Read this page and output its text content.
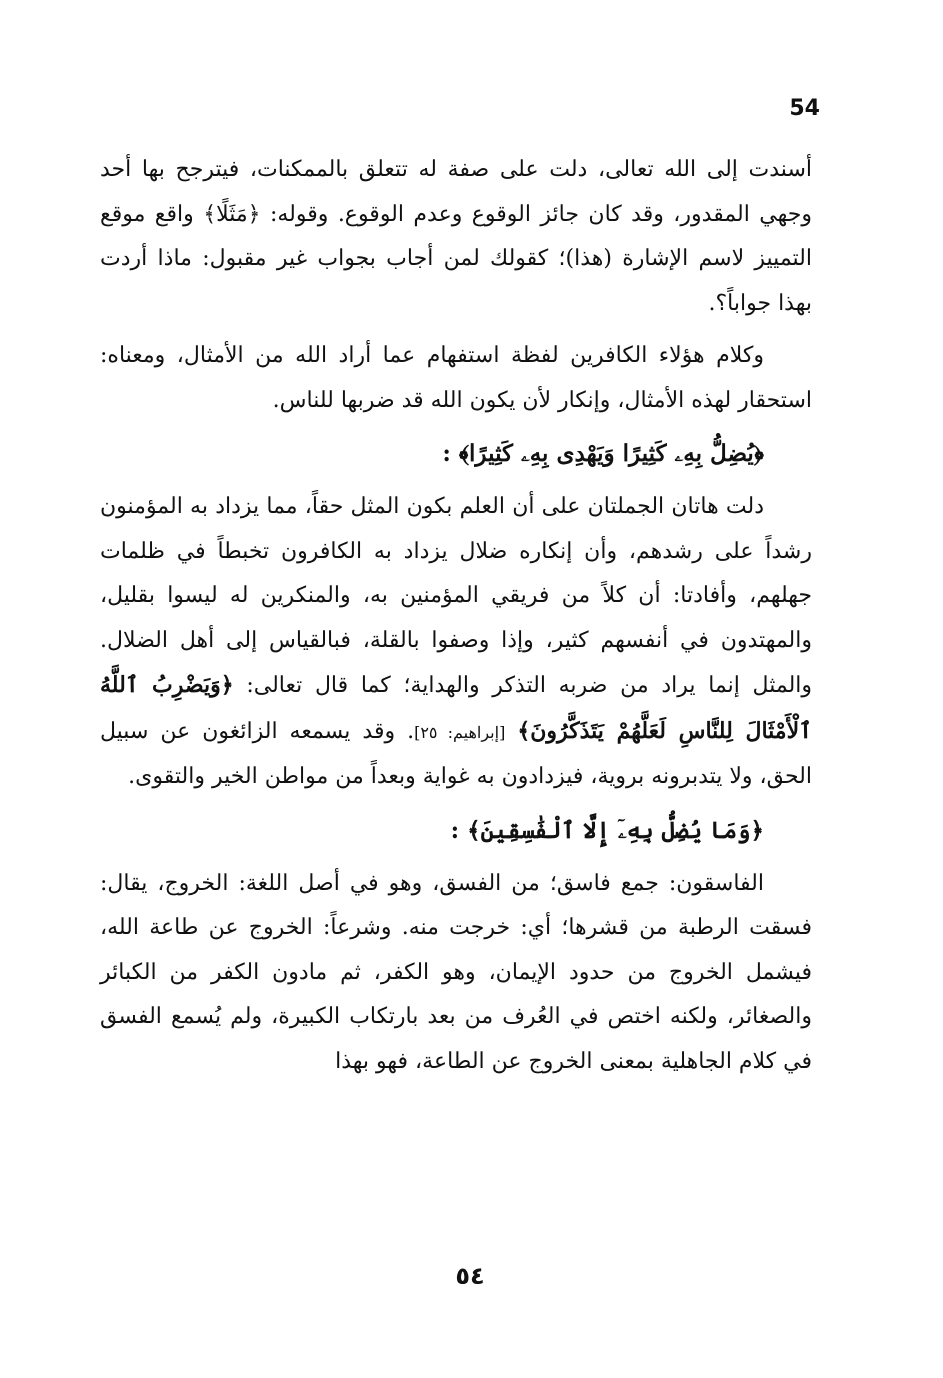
54

أسندت إلى الله تعالى، دلت على صفة له تتعلق بالممكنات، فيترجح بها أحد وجهي المقدور، وقد كان جائز الوقوع وعدم الوقوع. وقوله: ﴿مَثَلًا﴾ واقع موقع التمييز لاسم الإشارة (هذا)؛ كقولك لمن أجاب بجواب غير مقبول: ماذا أردت بهذا جواباً؟.

وكلام هؤلاء الكافرين لفظة استفهام عما أراد الله من الأمثال، ومعناه: استحقار لهذه الأمثال، وإنكار لأن يكون الله قد ضربها للناس.

﴿يُضِلُّ بِهِۦ كَثِيرًا وَيَهْدِى بِهِۦ كَثِيرًا﴾ :

دلت هاتان الجملتان على أن العلم بكون المثل حقاً، مما يزداد به المؤمنون رشداً على رشدهم، وأن إنكاره ضلال يزداد به الكافرون تخبطاً في ظلمات جهلهم، وأفادتا: أن كلاً من فريقي المؤمنين به، والمنكرين له ليسوا بقليل، والمهتدون في أنفسهم كثير، وإذا وصفوا بالقلة، فبالقياس إلى أهل الضلال. والمثل إنما يراد من ضربه التذكر والهداية؛ كما قال تعالى: ﴿وَيَضْرِبُ ٱللَّهُ ٱلْأَمْثَالَ لِلنَّاسِ لَعَلَّهُمْ يَتَذَكَّرُونَ﴾ [إبراهيم: ٢٥]. وقد يسمعه الزائغون عن سبيل الحق، ولا يتدبرونه بروية، فيزدادون به غواية وبعداً من مواطن الخير والتقوى.

﴿وَمَا يُضِلُّ بِهِۦٓ إِلَّا ٱلْفَٰسِقِينَ﴾ :

الفاسقون: جمع فاسق؛ من الفسق، وهو في أصل اللغة: الخروج، يقال: فسقت الرطبة من قشرها؛ أي: خرجت منه. وشرعاً: الخروج عن طاعة الله، فيشمل الخروج من حدود الإيمان، وهو الكفر، ثم مادون الكفر من الكبائر والصغائر، ولكنه اختص في العُرف من بعد بارتكاب الكبيرة، ولم يُسمع الفسق في كلام الجاهلية بمعنى الخروج عن الطاعة، فهو بهذا

٥٤
